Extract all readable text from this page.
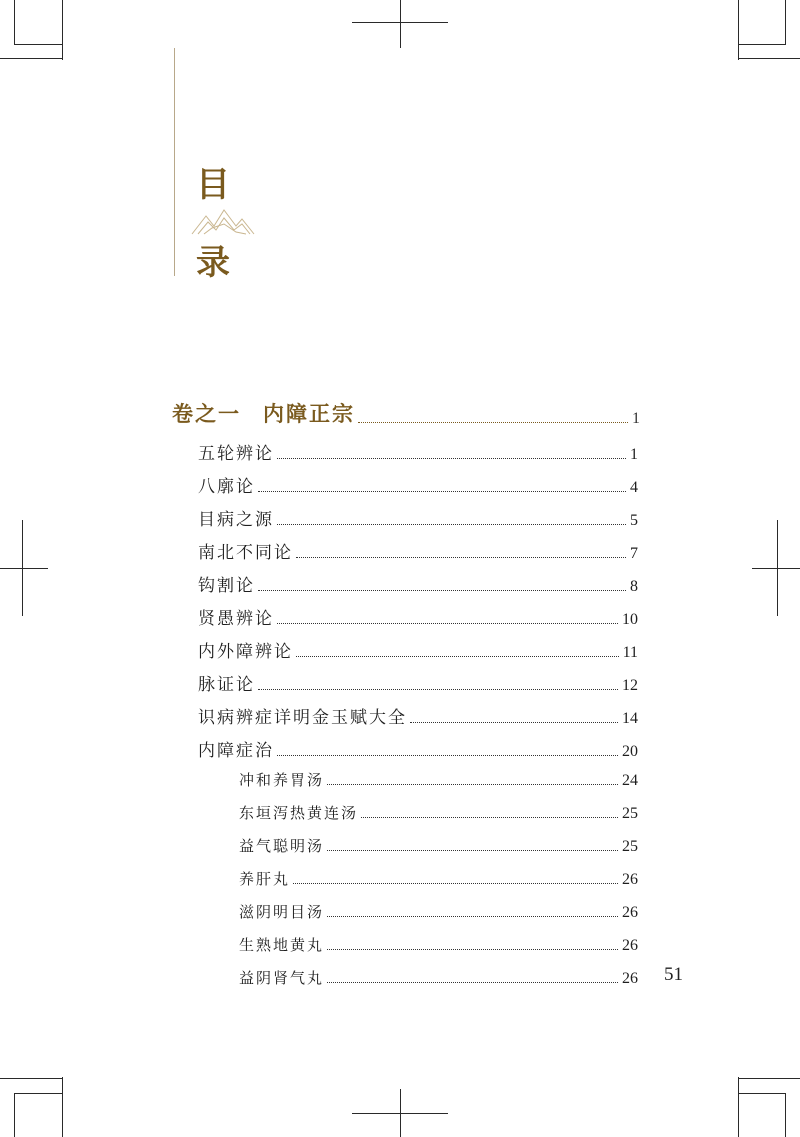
目
录
卷之一 内障正宗	1
五轮辨论	1
八廓论	4
目病之源	5
南北不同论	7
钩割论	8
贤愚辨论	10
内外障辨论	11
脉证论	12
识病辨症详明金玉赋大全	14
内障症治	20
冲和养胃汤	24
东垣泻热黄连汤	25
益气聪明汤	25
养肝丸	26
滋阴明目汤	26
生熟地黄丸	26
益阴肾气丸	26 51
